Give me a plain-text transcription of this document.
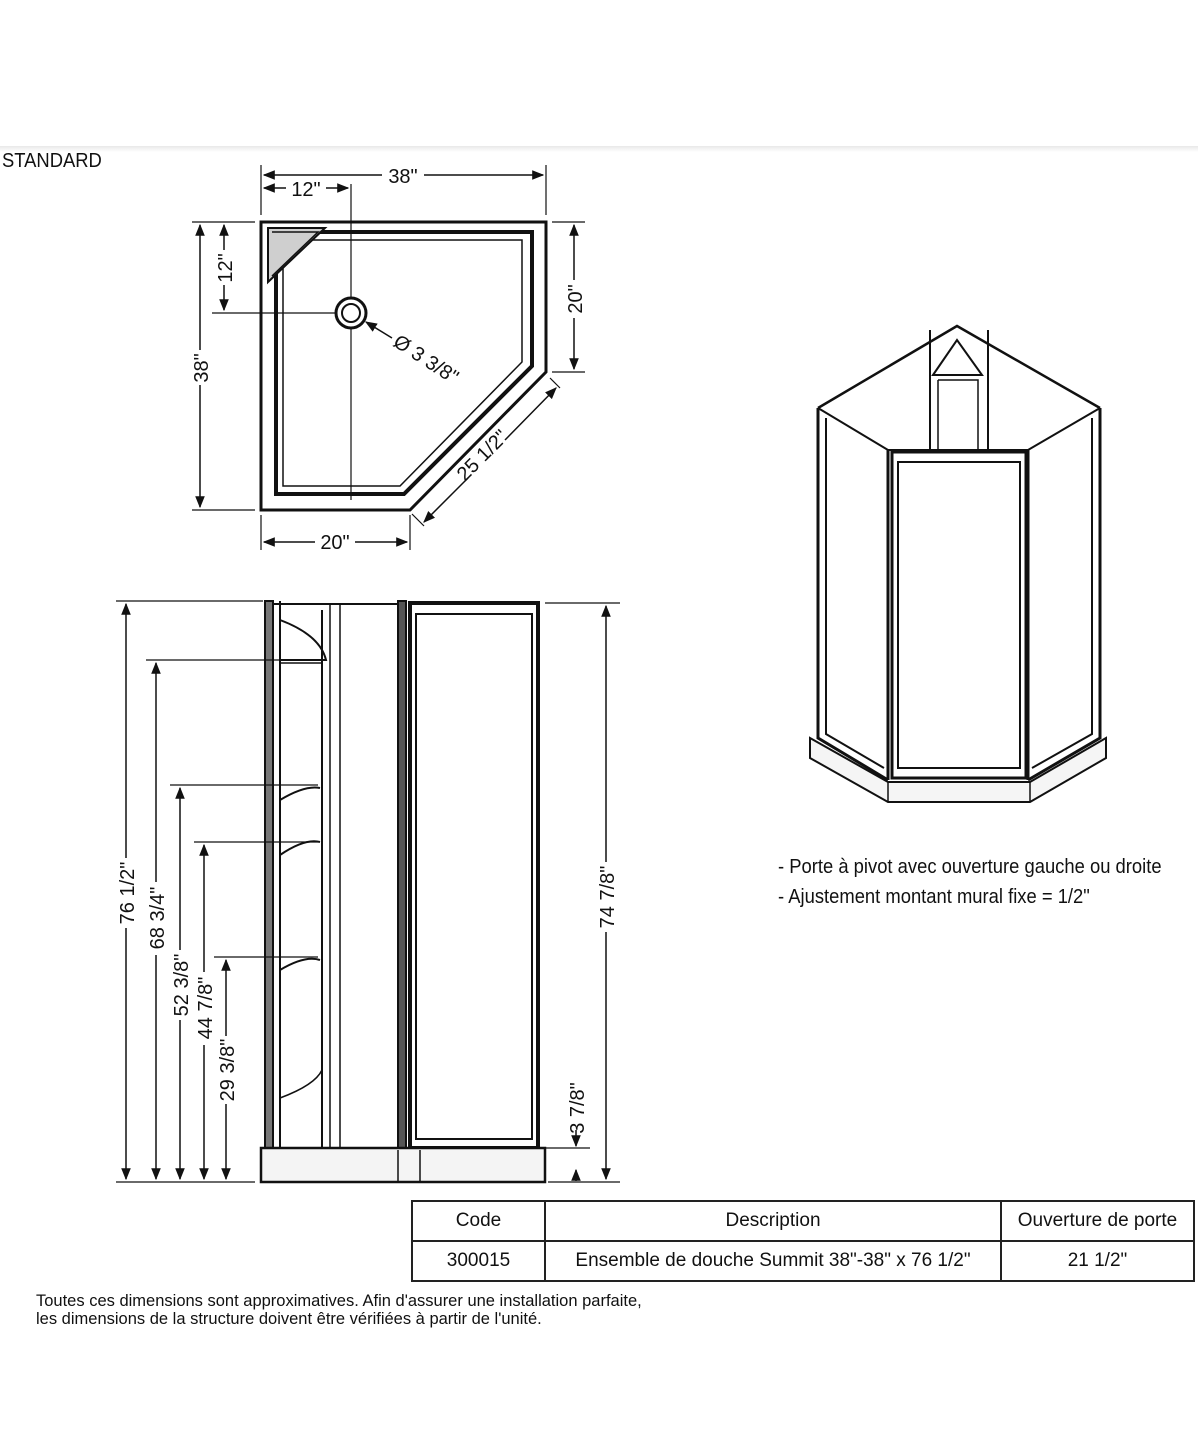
STANDARD
38"
12"
38"
12"
20"
Ø 3 3/8"
25 1/2"
20"
76 1/2" 68 3/4"
52 3/8" 44 7/8"
29 3/8"
74 7/8"
3 7/8"
- Porte à pivot avec ouverture gauche ou droite
- Ajustement montant mural fixe = 1/2"
Code	Description	Ouverture de porte
300015	Ensemble de douche Summit 38"-38" x 76 1/2"	21 1/2"
Toutes ces dimensions sont approximatives. Afin d'assurer une installation parfaite,
les dimensions de la structure doivent être vérifiées à partir de l'unité.
